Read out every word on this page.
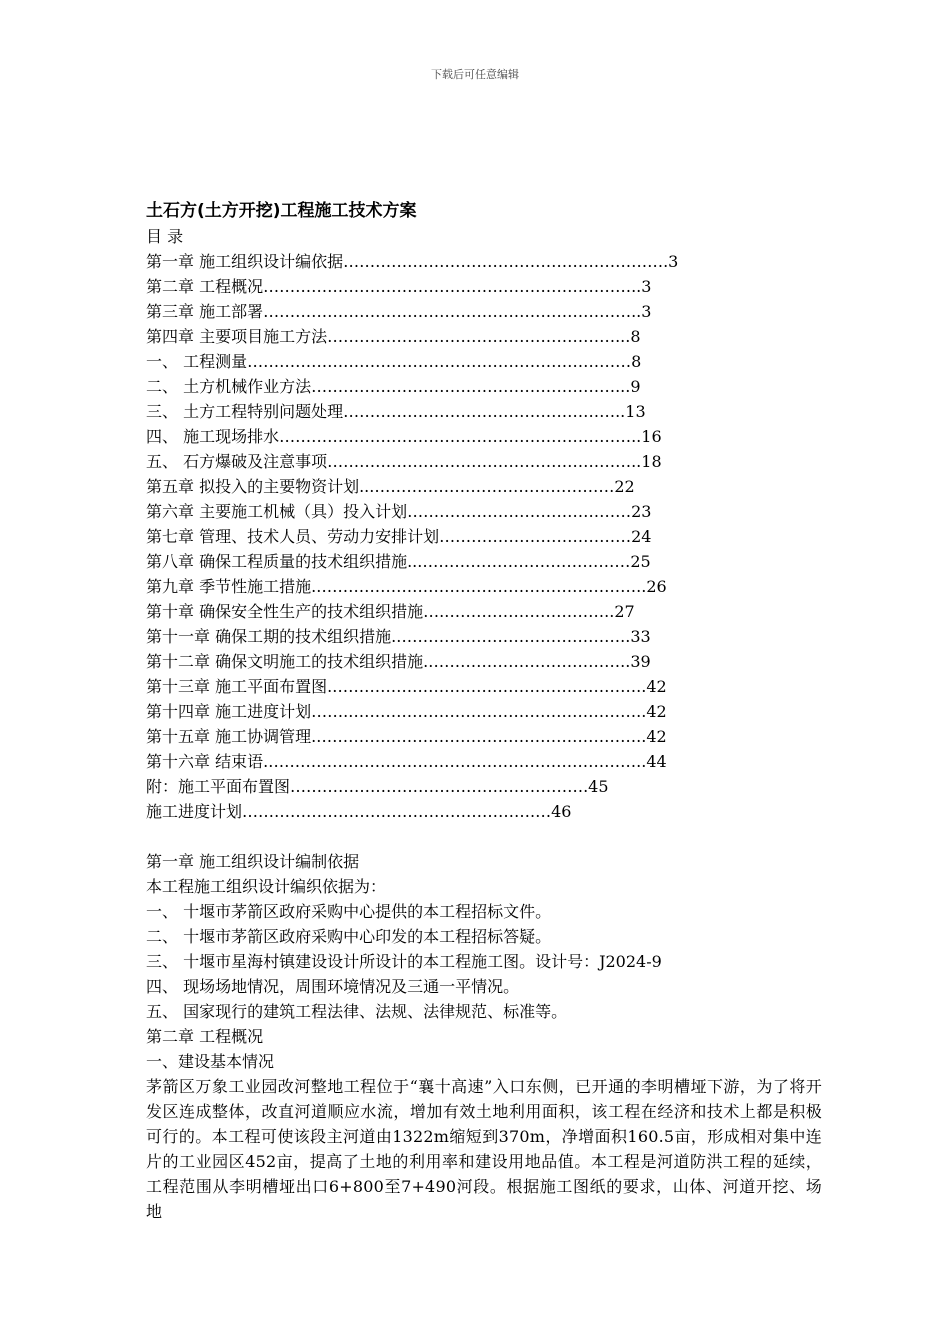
下载后可任意编辑
土石方(土方开挖)工程施工技术方案
目 录
第一章 施工组织设计编依据…………………………………………………….3
第二章 工程概况……………………………………………………………..3
第三章 施工部署……………………………………………………………..3
第四章 主要项目施工方法………………………………………………...8
一、 工程测量………………………………………………………………8
二、 土方机械作业方法…………………………………………………...9
三、 土方工程特别问题处理……………………………………………..13
四、 施工现场排水…………………………………………………………..16
五、 石方爆破及注意事项…………………………………………………..18
第五章 拟投入的主要物资计划...………………………………………22
第六章 主要施工机械（具）投入计划……………………………………23
第七章 管理、技术人员、劳动力安排计划………………………………24
第八章 确保工程质量的技术组织措施...…………………………………25
第九章 季节性施工措施.……………………………………………………..26
第十章 确保安全性生产的技术组织措施….…………………………..27
第十一章 确保工期的技术组织措施.……………………………………..33
第十二章 确保文明施工的技术组织措施.………………………………..39
第十三章 施工平面布置图.…………………………………………………..42
第十四章 施工进度计划…….………………………………………………..42
第十五章 施工协调管理.……………………………………………………..42
第十六章 结束语.……………………………………………………………..44
附：施工平面布置图………………………………….…………….45
施工进度计划……………………………………………….…46
第一章 施工组织设计编制依据
本工程施工组织设计编织依据为：
一、 十堰市茅箭区政府采购中心提供的本工程招标文件。
二、 十堰市茅箭区政府采购中心印发的本工程招标答疑。
三、 十堰市星海村镇建设设计所设计的本工程施工图。设计号：J2024-9
四、 现场场地情况，周围环境情况及三通一平情况。
五、 国家现行的建筑工程法律、法规、法律规范、标准等。
第二章 工程概况
一、建设基本情况

茅箭区万象工业园改河整地工程位于“襄十高速”入口东侧，已开通的李明槽垭下游，为了将开发区连成整体，改直河道顺应水流，增加有效土地利用面积，该工程在经济和技术上都是积极可行的。本工程可使该段主河道由1322m缩短到370m，净增面积160.5亩，形成相对集中连片的工业园区452亩，提高了土地的利用率和建设用地品值。本工程是河道防洪工程的延续，工程范围从李明槽垭出口6+800至7+490河段。根据施工图纸的要求，山体、河道开挖、场地
